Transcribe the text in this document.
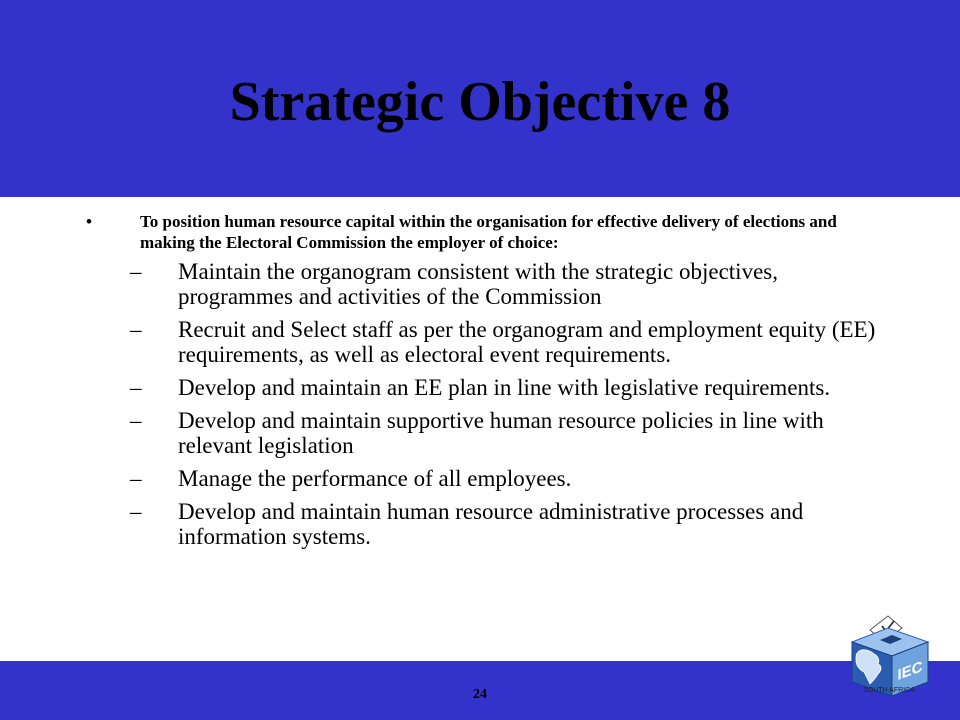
Strategic Objective 8
•	To position human resource capital within the organisation for effective delivery of elections and making the Electoral Commission the employer of choice:
– Maintain the organogram consistent with the strategic objectives, programmes and activities of the Commission
– Recruit and Select staff as per the organogram and employment equity (EE) requirements, as well as electoral event requirements.
– Develop and maintain an EE plan in line with legislative requirements.
– Develop and maintain supportive human resource policies in line with relevant legislation
– Manage the performance of all employees.
– Develop and maintain human resource administrative processes and information systems.
24
IEC
SOUTH AFRICA
